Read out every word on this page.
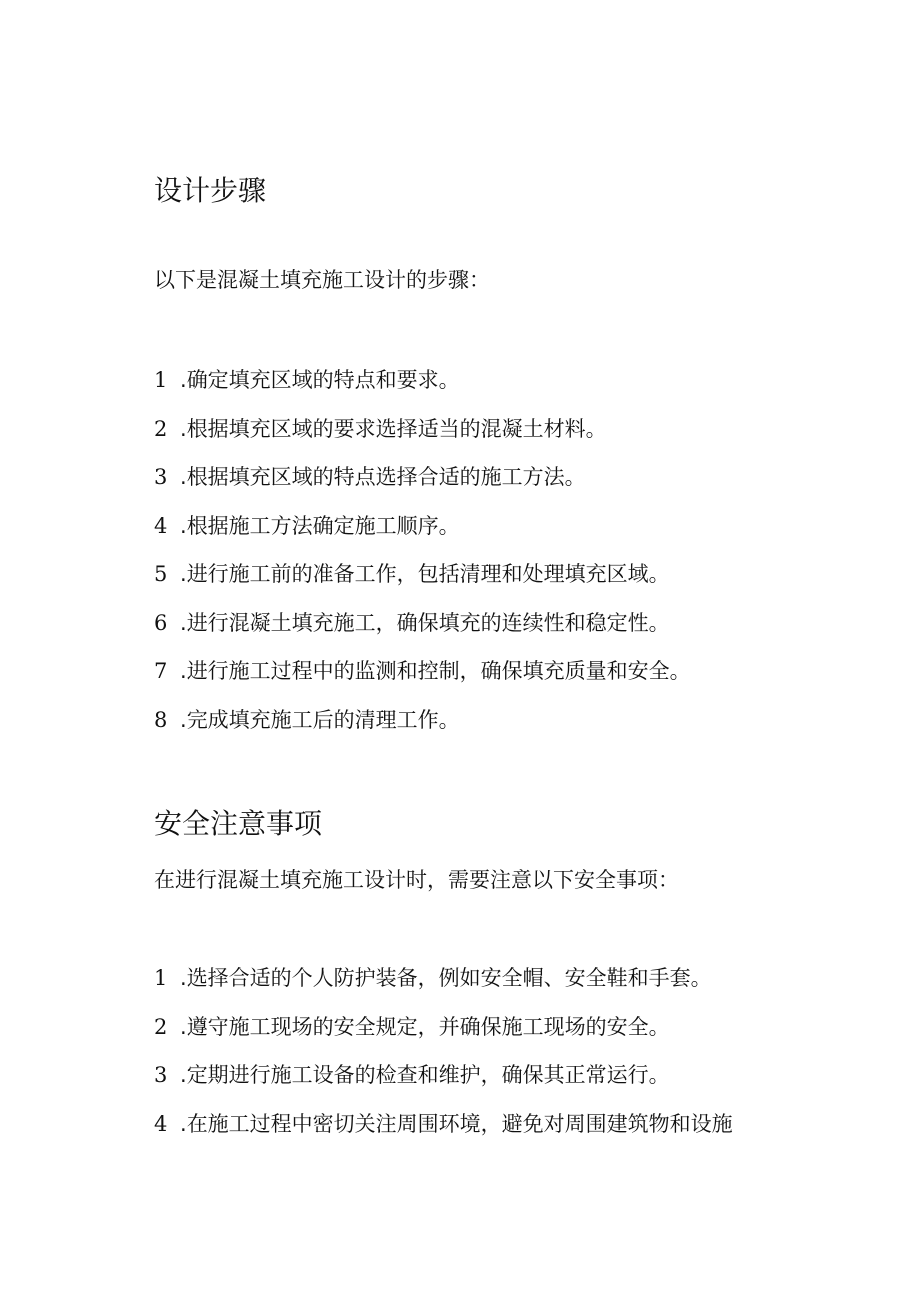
设计步骤

以下是混凝土填充施工设计的步骤：

1 . 确定填充区域的特点和要求。
2 . 根据填充区域的要求选择适当的混凝土材料。
3 . 根据填充区域的特点选择合适的施工方法。
4 . 根据施工方法确定施工顺序。
5 . 进行施工前的准备工作，包括清理和处理填充区域。
6 . 进行混凝土填充施工，确保填充的连续性和稳定性。
7 . 进行施工过程中的监测和控制，确保填充质量和安全。
8 . 完成填充施工后的清理工作。
安全注意事项

在进行混凝土填充施工设计时，需要注意以下安全事项：

1 . 选择合适的个人防护装备，例如安全帽、安全鞋和手套。
2 . 遵守施工现场的安全规定，并确保施工现场的安全。
3 . 定期进行施工设备的检查和维护，确保其正常运行。
4 . 在施工过程中密切关注周围环境，避免对周围建筑物和设施
